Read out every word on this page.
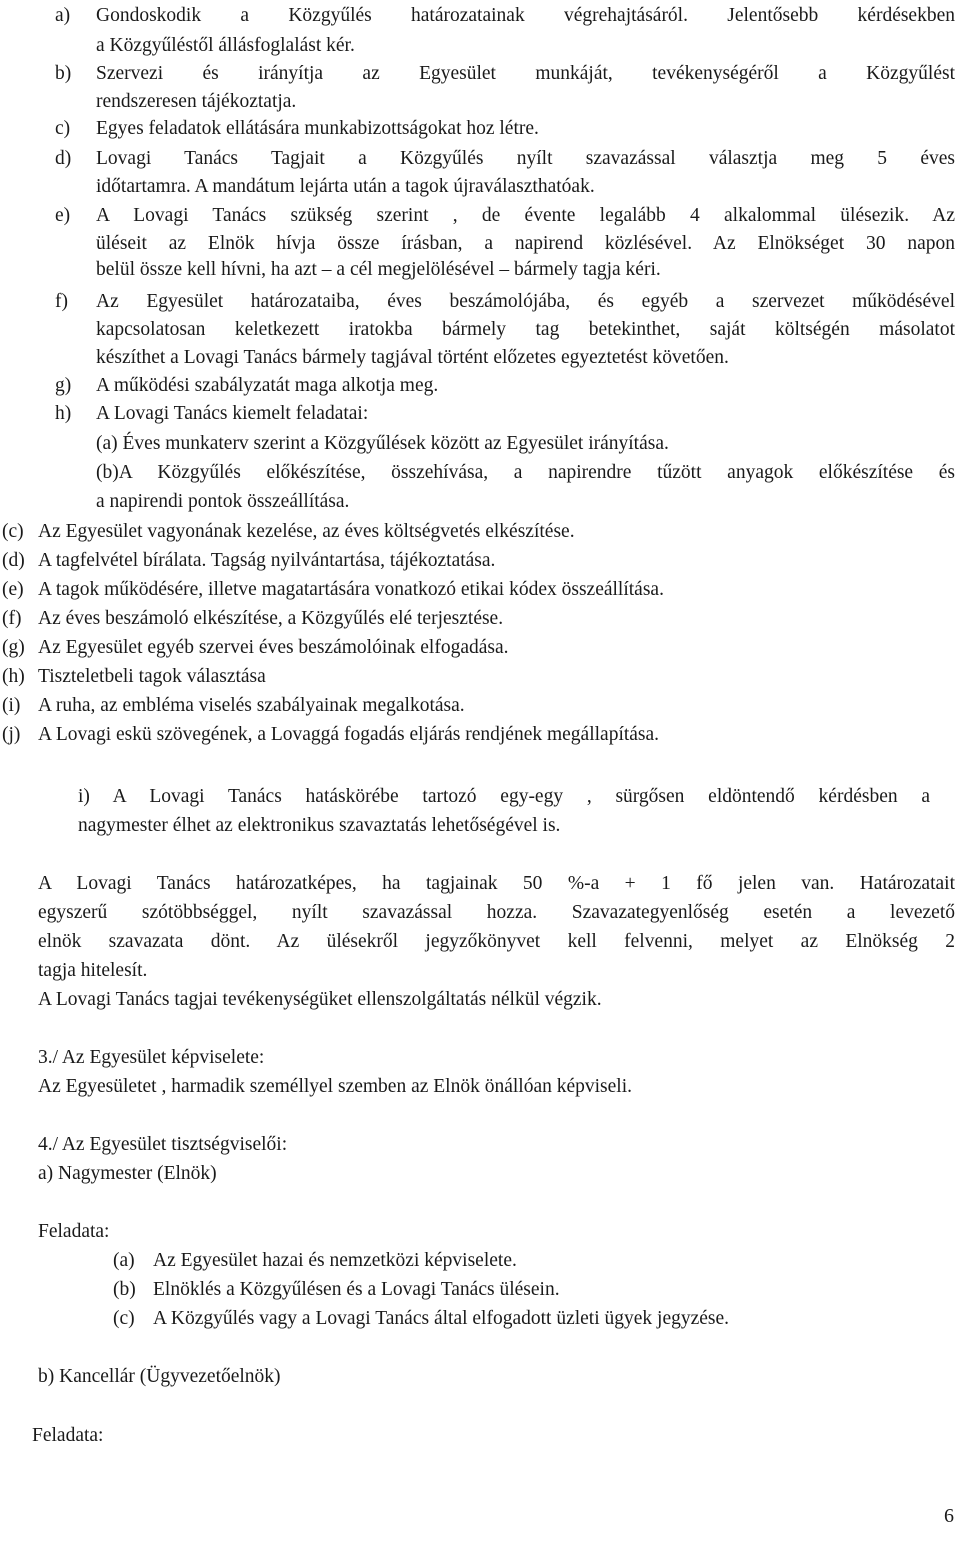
a) Gondoskodik a Közgyűlés határozatainak végrehajtásáról. Jelentősebb kérdésekben
a Közgyűléstől állásfoglalást kér.
b) Szervezi és irányítja az Egyesület munkáját, tevékenységéről a Közgyűlést
rendszeresen tájékoztatja.
c) Egyes feladatok ellátására munkabizottságokat hoz létre.
d) Lovagi Tanács Tagjait a Közgyűlés nyílt szavazással választja meg 5 éves
időtartamra. A mandátum lejárta után a tagok újraválaszthatóak.
e) A Lovagi Tanács szükség szerint , de évente legalább 4 alkalommal ülésezik. Az
üléseit az Elnök hívja össze írásban, a napirend közlésével. Az Elnökséget 30 napon
belül össze kell hívni, ha azt – a cél megjelölésével – bármely tagja kéri.
f) Az Egyesület határozataiba, éves beszámolójába, és egyéb a szervezet működésével
kapcsolatosan keletkezett iratokba bármely tag betekinthet, saját költségén másolatot
készíthet a Lovagi Tanács bármely tagjával történt előzetes egyeztetést követően.
g) A működési szabályzatát maga alkotja meg.
h) A Lovagi Tanács kiemelt feladatai:
(a) Éves munkaterv szerint a Közgyűlések között az Egyesület irányítása.
(b)A Közgyűlés előkészítése, összehívása, a napirendre tűzött anyagok előkészítése és
a napirendi pontok összeállítása.
(c) Az Egyesület vagyonának kezelése, az éves költségvetés elkészítése.
(d) A tagfelvétel bírálata. Tagság nyilvántartása, tájékoztatása.
(e) A tagok működésére, illetve magatartására vonatkozó etikai kódex összeállítása.
(f) Az éves beszámoló elkészítése, a Közgyűlés elé terjesztése.
(g) Az Egyesület egyéb szervei éves beszámolóinak elfogadása.
(h) Tiszteletbeli tagok választása
(i) A ruha, az embléma viselés szabályainak megalkotása.
(j) A Lovagi eskü szövegének, a Lovaggá fogadás eljárás rendjének megállapítása.
i) A Lovagi Tanács hatáskörébe tartozó egy-egy , sürgősen eldöntendő kérdésben a
nagymester élhet az elektronikus szavaztatás lehetőségével is.
A Lovagi Tanács határozatképes, ha tagjainak 50 %-a + 1 fő jelen van. Határozatait
egyszerű szótöbbséggel, nyílt szavazással hozza. Szavazategyenlőség esetén a levezető
elnök szavazata dönt. Az ülésekről jegyzőkönyvet kell felvenni, melyet az Elnökség 2
tagja hitelesít.
A Lovagi Tanács tagjai tevékenységüket ellenszolgáltatás nélkül végzik.
3./ Az Egyesület képviselete:
Az Egyesületet , harmadik személlyel szemben az Elnök önállóan képviseli.
4./ Az Egyesület tisztségviselői:
a) Nagymester (Elnök)
Feladata:
(a) Az Egyesület hazai és nemzetközi képviselete.
(b) Elnöklés a Közgyűlésen és a Lovagi Tanács ülésein.
(c) A Közgyűlés vagy a Lovagi Tanács által elfogadott üzleti ügyek jegyzése.
b) Kancellár (Ügyvezetőelnök)
Feladata:
6
